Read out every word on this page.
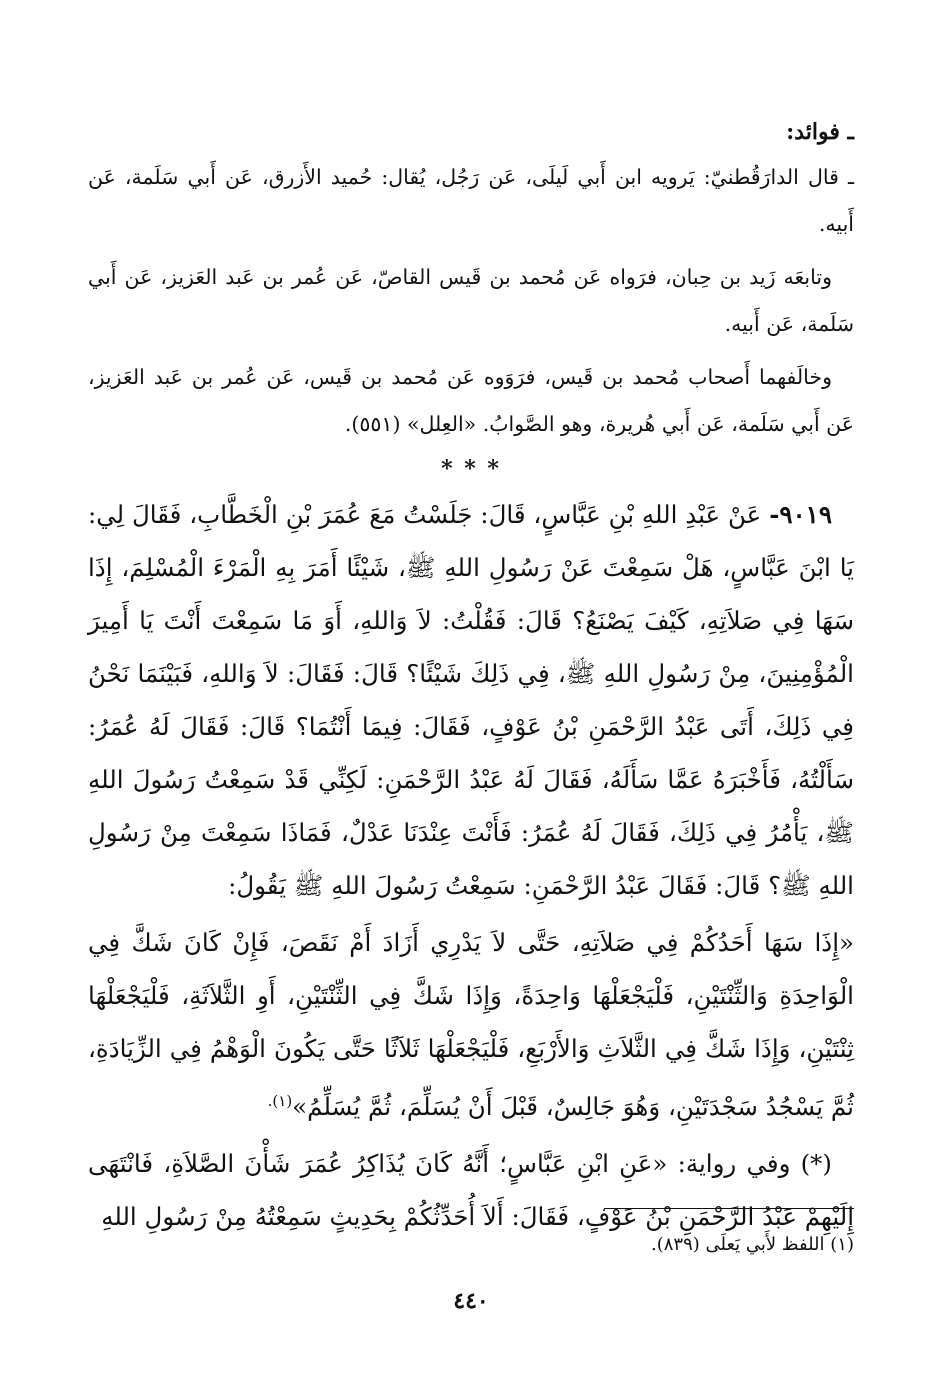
ـ فوائد:

ـ قال الدارَقُطنيّ: يَرويه ابن أَبي لَيلَى، عَن رَجُل، يُقال: حُميد الأَزرق، عَن أَبي سَلَمة، عَن أَبيه.

وتابعَه زَيد بن حِبان، فرَواه عَن مُحمد بن قَيس القاصّ، عَن عُمر بن عَبد العَزيز، عَن أَبي سَلَمة، عَن أَبيه.

وخالَفهما أَصحاب مُحمد بن قَيس، فرَوَوه عَن مُحمد بن قَيس، عَن عُمر بن عَبد العَزيز، عَن أَبي سَلَمة، عَن أَبي هُريرة، وهو الصَّوابُ. «العِلل» (٥٥١).

* * *

٩٠١٩- عَنْ عَبْدِ اللهِ بْنِ عَبَّاسٍ، قَالَ: جَلَسْتُ مَعَ عُمَرَ بْنِ الْخَطَّابِ، فَقَالَ لِي: يَا ابْنَ عَبَّاسٍ، هَلْ سَمِعْتَ عَنْ رَسُولِ اللهِ ﷺ، شَيْئًا أَمَرَ بِهِ الْمَرْءَ الْمُسْلِمَ، إِذَا سَهَا فِي صَلاَتِهِ، كَيْفَ يَصْنَعُ؟ قَالَ: فَقُلْتُ: لاَ وَاللهِ، أَوَ مَا سَمِعْتَ أَنْتَ يَا أَمِيرَ الْمُؤْمِنِينَ، مِنْ رَسُولِ اللهِ ﷺ، فِي ذَلِكَ شَيْئًا؟ قَالَ: فَقَالَ: لاَ وَاللهِ، فَبَيْنَمَا نَحْنُ فِي ذَلِكَ، أَتَى عَبْدُ الرَّحْمَنِ بْنُ عَوْفٍ، فَقَالَ: فِيمَا أَنْتُمَا؟ قَالَ: فَقَالَ لَهُ عُمَرُ: سَأَلْتُهُ، فَأَخْبَرَهُ عَمَّا سَأَلَهُ، فَقَالَ لَهُ عَبْدُ الرَّحْمَنِ: لَكِنِّي قَدْ سَمِعْتُ رَسُولَ اللهِ ﷺ، يَأْمُرُ فِي ذَلِكَ، فَقَالَ لَهُ عُمَرُ: فَأَنْتَ عِنْدَنَا عَدْلٌ، فَمَاذَا سَمِعْتَ مِنْ رَسُولِ اللهِ ﷺ؟ قَالَ: فَقَالَ عَبْدُ الرَّحْمَنِ: سَمِعْتُ رَسُولَ اللهِ ﷺ يَقُولُ:

«إِذَا سَهَا أَحَدُكُمْ فِي صَلاَتِهِ، حَتَّى لاَ يَدْرِي أَزَادَ أَمْ نَقَصَ، فَإِنْ كَانَ شَكَّ فِي الْوَاحِدَةِ وَالثِّنْتَيْنِ، فَلْيَجْعَلْهَا وَاحِدَةً، وَإِذَا شَكَّ فِي الثِّنْتَيْنِ، أَوِ الثَّلاَثَةِ، فَلْيَجْعَلْهَا ثِنْتَيْنِ، وَإِذَا شَكَّ فِي الثَّلاَثِ وَالأَرْبَعِ، فَلْيَجْعَلْهَا ثَلاَثًا حَتَّى يَكُونَ الْوَهْمُ فِي الزِّيَادَةِ، ثُمَّ يَسْجُدُ سَجْدَتَيْنِ، وَهُوَ جَالِسٌ، قَبْلَ أَنْ يُسَلِّمَ، ثُمَّ يُسَلِّمُ»$^{(١).}$

(*) وفي رواية: «عَنِ ابْنِ عَبَّاسٍ؛ أَنَّهُ كَانَ يُذَاكِرُ عُمَرَ شَأْنَ الصَّلاَةِ، فَانْتَهَى إِلَيْهِمْ عَبْدُ الرَّحْمَنِ بْنُ عَوْفٍ، فَقَالَ: أَلاَ أُحَدِّثُكُمْ بِحَدِيثٍ سَمِعْتُهُ مِنْ رَسُولِ اللهِ

(١) اللفظ لأَبي يَعلَى (٨٣٩).
٤٤٠
